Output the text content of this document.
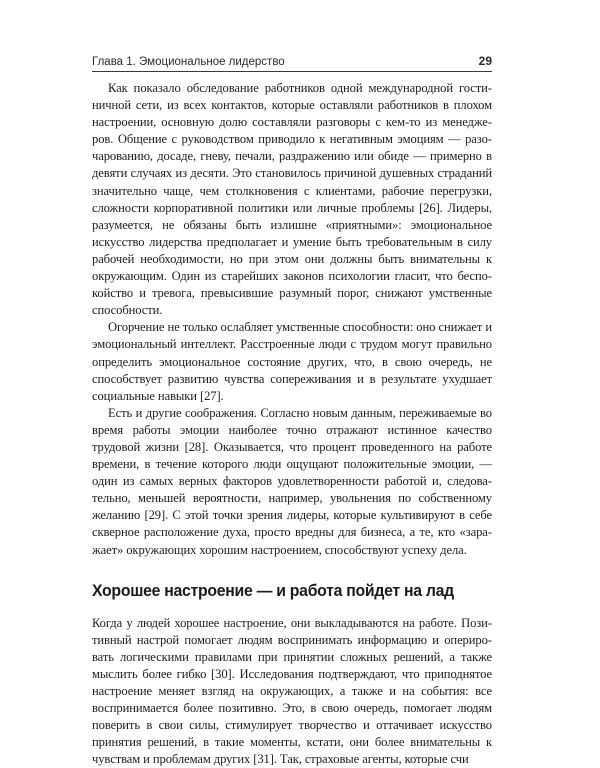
Глава 1. Эмоциональное лидерство	29

Как показало обследование работников одной международной гостиничной сети, из всех контактов, которые оставляли работников в плохом настроении, основную долю составляли разговоры с кем-то из менеджеров. Общение с руководством приводило к негативным эмоциям — разочарованию, досаде, гневу, печали, раздражению или обиде — примерно в девяти случаях из десяти. Это становилось причиной душевных страданий значительно чаще, чем столкновения с клиентами, рабочие перегрузки, сложности корпоративной политики или личные проблемы [26]. Лидеры, разумеется, не обязаны быть излишне «приятными»: эмоциональное искусство лидерства предполагает и умение быть требовательным в силу рабочей необходимости, но при этом они должны быть внимательны к окружающим. Один из старейших законов психологии гласит, что беспокойство и тревога, превысившие разумный порог, снижают умственные способности.

Огорчение не только ослабляет умственные способности: оно снижает и эмоциональный интеллект. Расстроенные люди с трудом могут правильно определить эмоциональное состояние других, что, в свою очередь, не способствует развитию чувства сопереживания и в результате ухудшает социальные навыки [27].

Есть и другие соображения. Согласно новым данным, переживаемые во время работы эмоции наиболее точно отражают истинное качество трудовой жизни [28]. Оказывается, что процент проведенного на работе времени, в течение которого люди ощущают положительные эмоции, — один из самых верных факторов удовлетворенности работой и, следовательно, меньшей вероятности, например, увольнения по собственному желанию [29]. С этой точки зрения лидеры, которые культивируют в себе скверное расположение духа, просто вредны для бизнеса, а те, кто «заражает» окружающих хорошим настроением, способствуют успеху дела.

Хорошее настроение — и работа пойдет на лад

Когда у людей хорошее настроение, они выкладываются на работе. Позитивный настрой помогает людям воспринимать информацию и оперировать логическими правилами при принятии сложных решений, а также мыслить более гибко [30]. Исследования подтверждают, что приподнятое настроение меняет взгляд на окружающих, а также и на события: все воспринимается более позитивно. Это, в свою очередь, помогает людям поверить в свои силы, стимулирует творчество и оттачивает искусство принятия решений, в такие моменты, кстати, они более внимательны к чувствам и проблемам других [31]. Так, страховые агенты, которые счи
